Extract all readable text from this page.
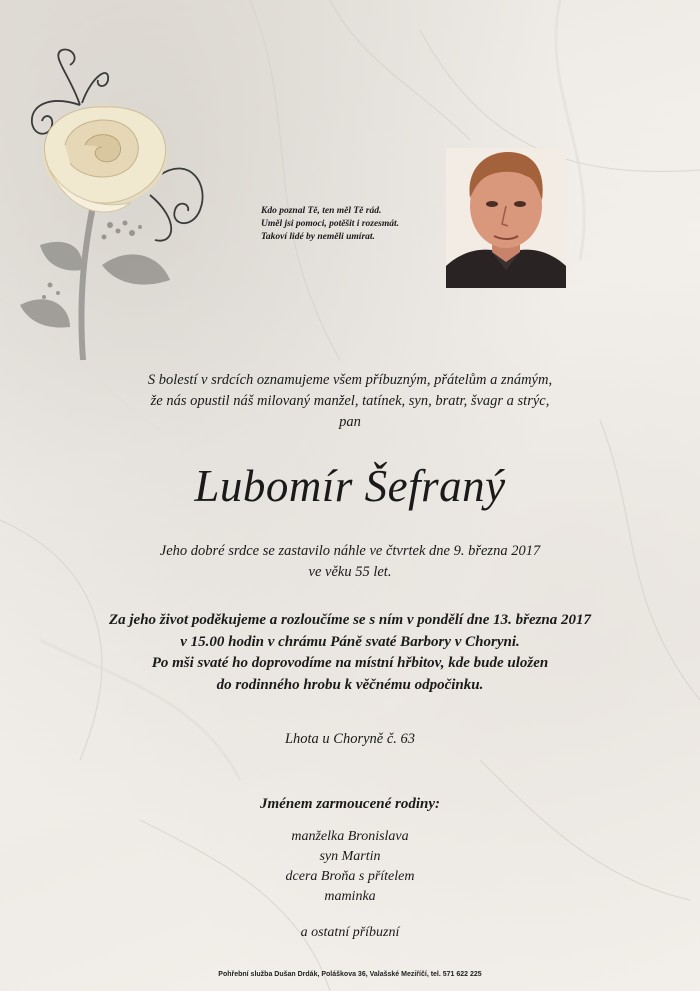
Kdo poznal Tě, ten měl Tě rád.
Uměl jsi pomoci, potěšit i rozesmát.
Takoví lidé by neměli umírat.
S bolestí v srdcích oznamujeme všem příbuzným, přátelům a známým,
že nás opustil náš milovaný manžel, tatínek, syn, bratr, švagr a strýc,
pan
Lubomír Šefraný
Jeho dobré srdce se zastavilo náhle ve čtvrtek dne 9. března 2017
ve věku 55 let.
Za jeho život poděkujeme a rozloučíme se s ním v pondělí dne 13. března 2017
v 15.00 hodin v chrámu Páně svaté Barbory v Choryni.
Po mši svaté ho doprovodíme na místní hřbitov, kde bude uložen
do rodinného hrobu k věčnému odpočinku.
Lhota u Choryně č. 63
Jménem zarmoucené rodiny:
manželka Bronislava
syn Martin
dcera Broňa s přítelem
maminka
a ostatní příbuzní
Pohřební služba Dušan Drdák, Poláškova 36, Valašské Meziříčí, tel. 571 622 225
